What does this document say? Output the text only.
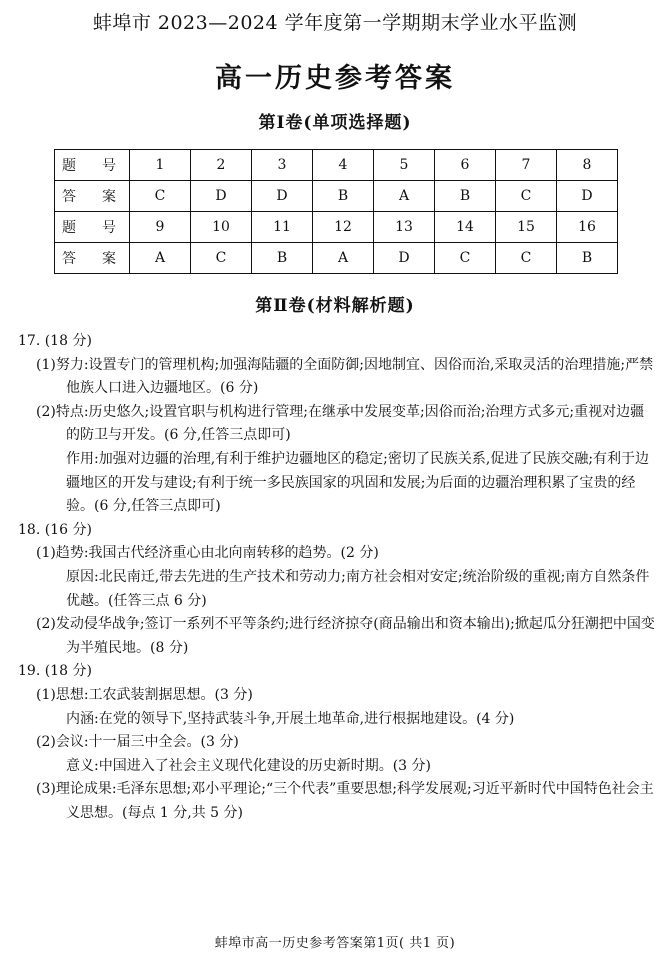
蚌埠市 2023—2024 学年度第一学期期末学业水平监测
高一历史参考答案
第Ⅰ卷(单项选择题)
题　号	1	2	3	4	5	6	7	8
答　案	C	D	D	B	A	B	C	D
题　号	9	10	11	12	13	14	15	16
答　案	A	C	B	A	D	C	C	B
第Ⅱ卷(材料解析题)

17. (18 分)

(1)努力:设置专门的管理机构;加强海陆疆的全面防御;因地制宜、因俗而治,采取灵活的治理措施;严禁他族人口进入边疆地区。(6 分)

(2)特点:历史悠久;设置官职与机构进行管理;在继承中发展变革;因俗而治;治理方式多元;重视对边疆的防卫与开发。(6 分,任答三点即可)

作用:加强对边疆的治理,有利于维护边疆地区的稳定;密切了民族关系,促进了民族交融;有利于边疆地区的开发与建设;有利于统一多民族国家的巩固和发展;为后面的边疆治理积累了宝贵的经验。(6 分,任答三点即可)

18. (16 分)

(1)趋势:我国古代经济重心由北向南转移的趋势。(2 分)

原因:北民南迁,带去先进的生产技术和劳动力;南方社会相对安定;统治阶级的重视;南方自然条件优越。(任答三点 6 分)

(2)发动侵华战争;签订一系列不平等条约;进行经济掠夺(商品输出和资本输出);掀起瓜分狂潮把中国变为半殖民地。(8 分)

19. (18 分)

(1)思想:工农武装割据思想。(3 分)

内涵:在党的领导下,坚持武装斗争,开展土地革命,进行根据地建设。(4 分)

(2)会议:十一届三中全会。(3 分)

意义:中国进入了社会主义现代化建设的历史新时期。(3 分)

(3)理论成果:毛泽东思想;邓小平理论;“三个代表”重要思想;科学发展观;习近平新时代中国特色社会主义思想。(每点 1 分,共 5 分)

蚌埠市高一历史参考答案第1页( 共1 页)
